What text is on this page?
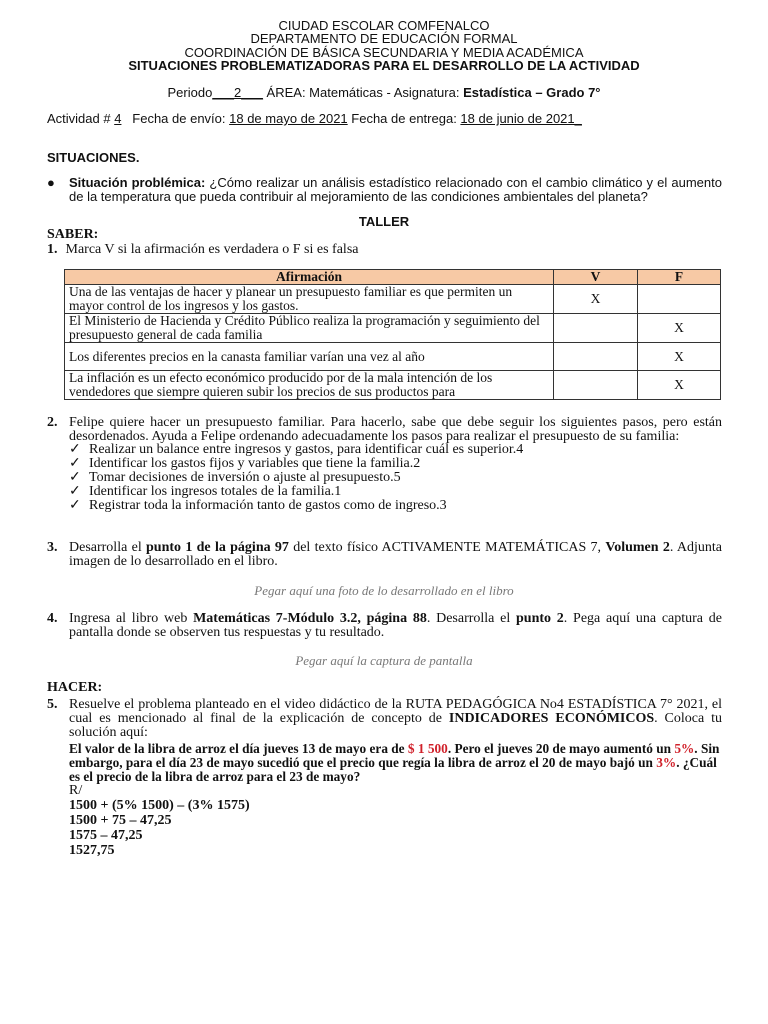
CIUDAD ESCOLAR COMFENALCO
DEPARTAMENTO DE EDUCACIÓN FORMAL
COORDINACIÓN DE BÁSICA SECUNDARIA Y MEDIA ACADÉMICA
SITUACIONES PROBLEMATIZADORAS PARA EL DESARROLLO DE LA ACTIVIDAD
Periodo___2___ ÁREA: Matemáticas - Asignatura: Estadística – Grado 7°
Actividad # 4   Fecha de envío: 18 de mayo de 2021 Fecha de entrega: 18 de junio de 2021_
SITUACIONES.
● Situación problémica: ¿Cómo realizar un análisis estadístico relacionado con el cambio climático y el aumento de la temperatura que pueda contribuir al mejoramiento de las condiciones ambientales del planeta?
TALLER
SABER:
1. Marca V si la afirmación es verdadera o F si es falsa
Afirmación	V	F
Una de las ventajas de hacer y planear un presupuesto familiar es que permiten un mayor control de los ingresos y los gastos.	X	
El Ministerio de Hacienda y Crédito Público realiza la programación y seguimiento del presupuesto general de cada familia		X
Los diferentes precios en la canasta familiar varían una vez al año		X
La inflación es un efecto económico producido por de la mala intención de los vendedores que siempre quieren subir los precios de sus productos para		X
2. Felipe quiere hacer un presupuesto familiar. Para hacerlo, sabe que debe seguir los siguientes pasos, pero están desordenados. Ayuda a Felipe ordenando adecuadamente los pasos para realizar el presupuesto de su familia:
✓ Realizar un balance entre ingresos y gastos, para identificar cuál es superior.4
✓ Identificar los gastos fijos y variables que tiene la familia.2
✓ Tomar decisiones de inversión o ajuste al presupuesto.5
✓ Identificar los ingresos totales de la familia.1
✓ Registrar toda la información tanto de gastos como de ingreso.3
3. Desarrolla el punto 1 de la página 97 del texto físico ACTIVAMENTE MATEMÁTICAS 7, Volumen 2. Adjunta imagen de lo desarrollado en el libro.
Pegar aquí una foto de lo desarrollado en el libro
4. Ingresa al libro web Matemáticas 7-Módulo 3.2, página 88. Desarrolla el punto 2. Pega aquí una captura de pantalla donde se observen tus respuestas y tu resultado.
Pegar aquí la captura de pantalla
HACER:
5. Resuelve el problema planteado en el video didáctico de la RUTA PEDAGÓGICA No4 ESTADÍSTICA 7° 2021, el cual es mencionado al final de la explicación de concepto de INDICADORES ECONÓMICOS. Coloca tu solución aquí:
El valor de la libra de arroz el día jueves 13 de mayo era de $ 1 500. Pero el jueves 20 de mayo aumentó un 5%. Sin embargo, para el día 23 de mayo sucedió que el precio que regía la libra de arroz el 20 de mayo bajó un 3%. ¿Cuál es el precio de la libra de arroz para el 23 de mayo?
R/
1500 + (5% 1500) – (3% 1575)
1500 + 75 – 47,25
1575 – 47,25
1527,75
